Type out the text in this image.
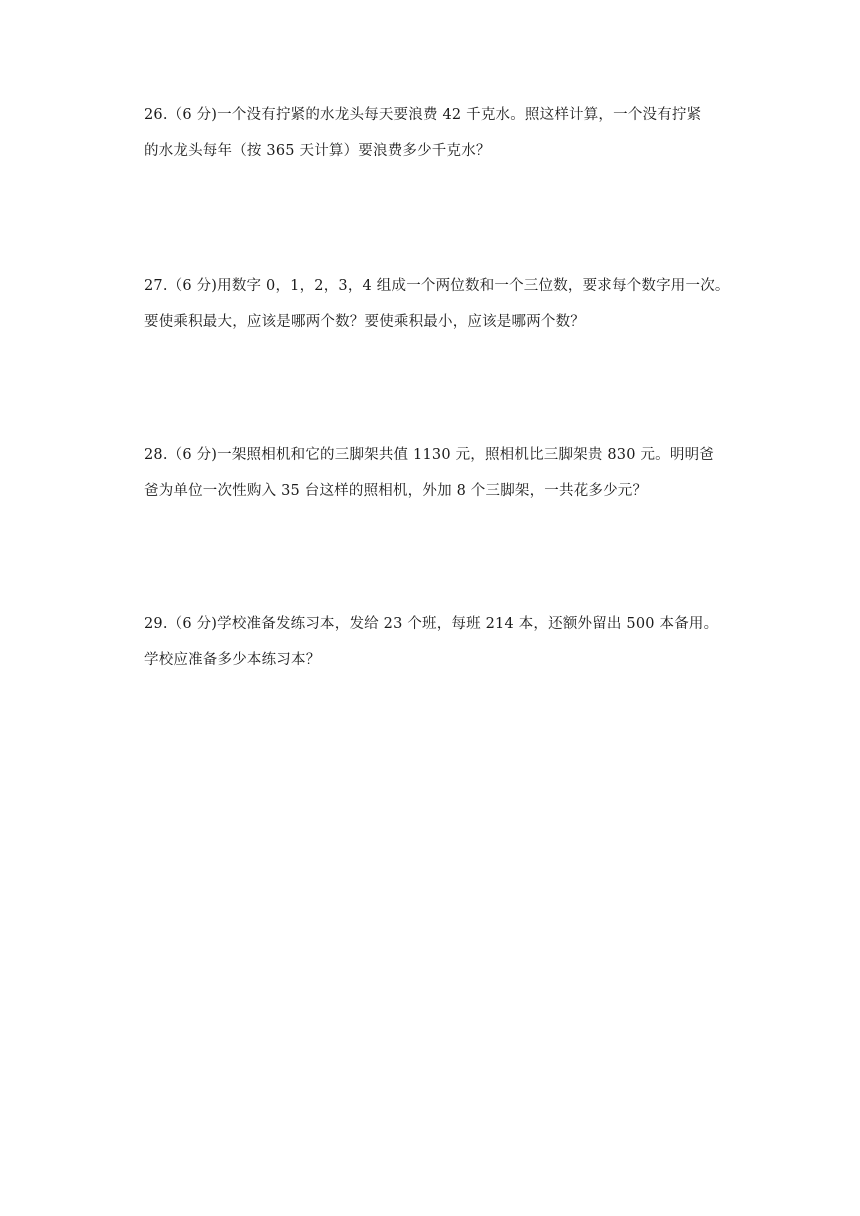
26.（6 分)一个没有拧紧的水龙头每天要浪费 42 千克水。照这样计算，一个没有拧紧
的水龙头每年（按 365 天计算）要浪费多少千克水？
27.（6 分)用数字 0，1，2，3，4 组成一个两位数和一个三位数，要求每个数字用一次。
要使乘积最大，应该是哪两个数？要使乘积最小，应该是哪两个数？
28.（6 分)一架照相机和它的三脚架共值 1130 元，照相机比三脚架贵 830 元。明明爸
爸为单位一次性购入 35 台这样的照相机，外加 8 个三脚架，一共花多少元？
29.（6 分)学校准备发练习本，发给 23 个班，每班 214 本，还额外留出 500 本备用。
学校应准备多少本练习本？
